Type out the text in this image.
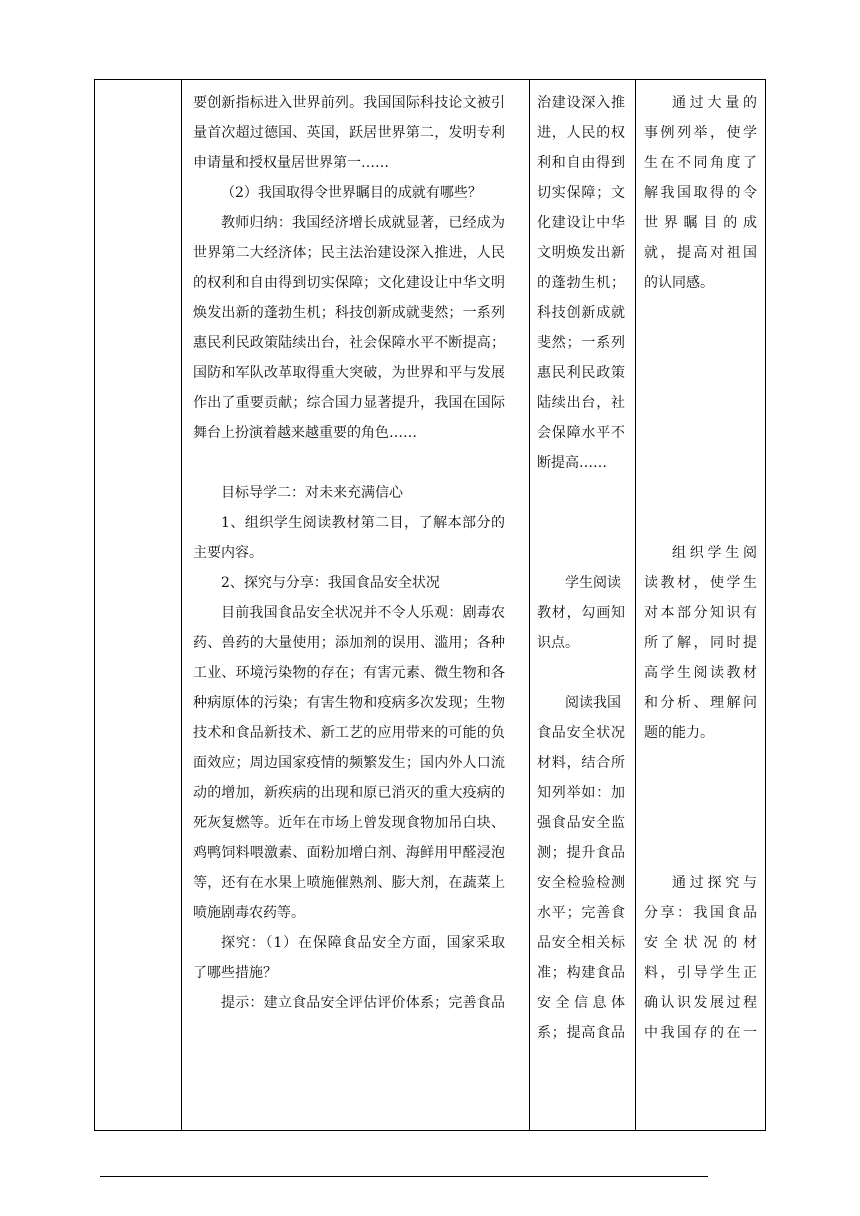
要创新指标进入世界前列。我国国际科技论文被引
量首次超过德国、英国，跃居世界第二，发明专利
申请量和授权量居世界第一……
（2）我国取得令世界瞩目的成就有哪些？
教师归纳：我国经济增长成就显著，已经成为
世界第二大经济体；民主法治建设深入推进，人民
的权利和自由得到切实保障；文化建设让中华文明
焕发出新的蓬勃生机；科技创新成就斐然；一系列
惠民利民政策陆续出台，社会保障水平不断提高；
国防和军队改革取得重大突破，为世界和平与发展
作出了重要贡献；综合国力显著提升，我国在国际
舞台上扮演着越来越重要的角色……
目标导学二：对未来充满信心
1、组织学生阅读教材第二目，了解本部分的
主要内容。
2、探究与分享：我国食品安全状况
目前我国食品安全状况并不令人乐观：剧毒农
药、兽药的大量使用；添加剂的误用、滥用；各种
工业、环境污染物的存在；有害元素、微生物和各
种病原体的污染；有害生物和疫病多次发现；生物
技术和食品新技术、新工艺的应用带来的可能的负
面效应；周边国家疫情的频繁发生；国内外人口流
动的增加，新疾病的出现和原已消灭的重大疫病的
死灰复燃等。近年在市场上曾发现食物加吊白块、
鸡鸭饲料喂激素、面粉加增白剂、海鲜用甲醛浸泡
等，还有在水果上喷施催熟剂、膨大剂，在蔬菜上
喷施剧毒农药等。
探究：（1）在保障食品安全方面，国家采取
了哪些措施？
提示：建立食品安全评估评价体系；完善食品
治建设深入推
进，人民的权
利和自由得到
切实保障；文
化建设让中华
文明焕发出新
的蓬勃生机；
科技创新成就
斐然；一系列
惠民利民政策
陆续出台，社
会保障水平不
断提高……
学生阅读
教材，勾画知
识点。
阅读我国
食品安全状况
材料，结合所
知列举如：加
强食品安全监
测；提升食品
安全检验检测
水平；完善食
品安全相关标
准；构建食品
安全信息体
系；提高食品
通过大量的
事例列举，使学
生在不同角度了
解我国取得的令
世界瞩目的成
就，提高对祖国
的认同感。
组织学生阅
读教材，使学生
对本部分知识有
所了解，同时提
高学生阅读教材
和分析、理解问
题的能力。
通过探究与
分享：我国食品
安全状况的材
料，引导学生正
确认识发展过程
中我国存的在一
